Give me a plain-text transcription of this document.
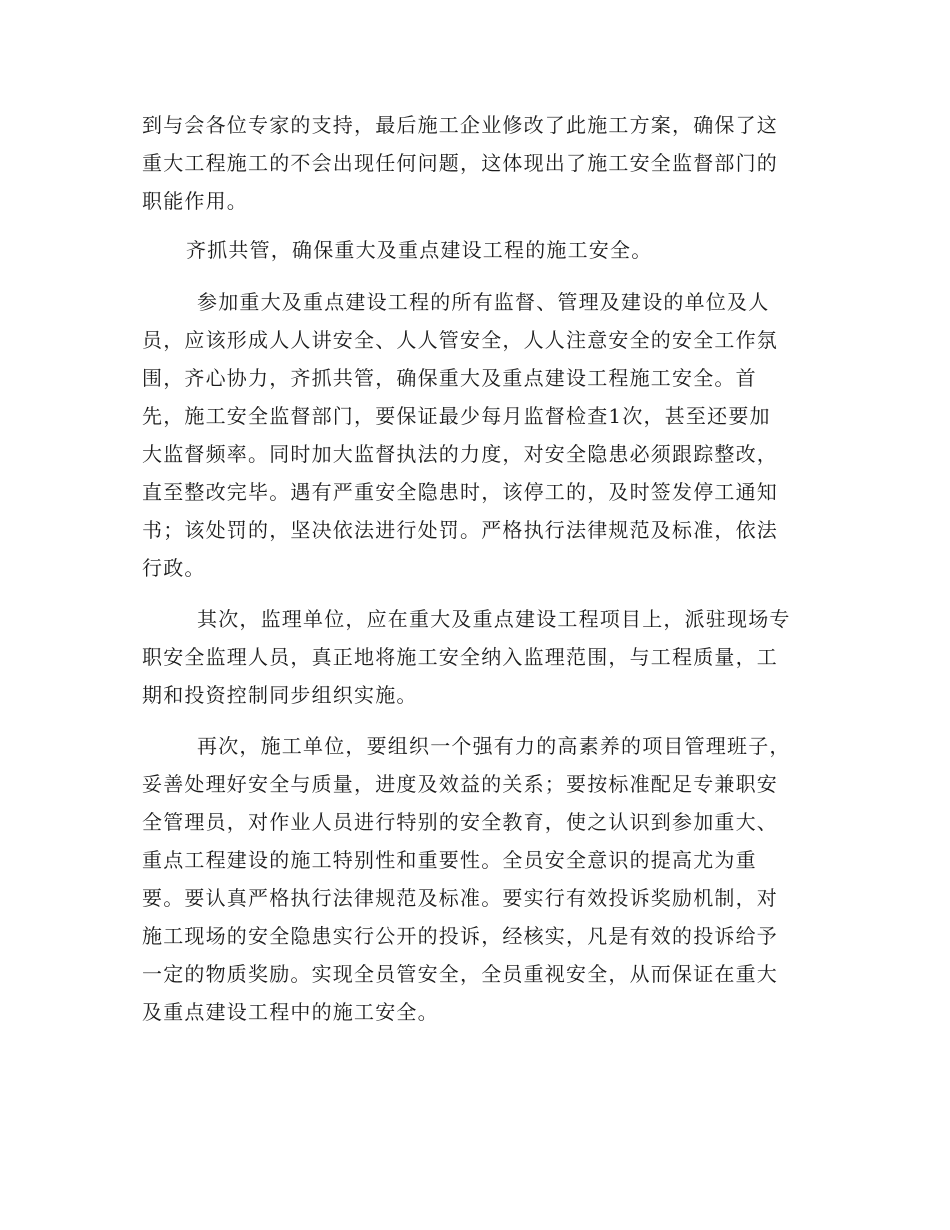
到与会各位专家的支持，最后施工企业修改了此施工方案，确保了这
重大工程施工的不会出现任何问题，这体现出了施工安全监督部门的
职能作用。
齐抓共管，确保重大及重点建设工程的施工安全。
参加重大及重点建设工程的所有监督、管理及建设的单位及人
员，应该形成人人讲安全、人人管安全，人人注意安全的安全工作氛
围，齐心协力，齐抓共管，确保重大及重点建设工程施工安全。首
先，施工安全监督部门，要保证最少每月监督检查1次，甚至还要加
大监督频率。同时加大监督执法的力度，对安全隐患必须跟踪整改，
直至整改完毕。遇有严重安全隐患时，该停工的，及时签发停工通知
书；该处罚的，坚决依法进行处罚。严格执行法律规范及标准，依法
行政。
其次，监理单位，应在重大及重点建设工程项目上，派驻现场专
职安全监理人员，真正地将施工安全纳入监理范围，与工程质量，工
期和投资控制同步组织实施。
再次，施工单位，要组织一个强有力的高素养的项目管理班子，
妥善处理好安全与质量，进度及效益的关系；要按标准配足专兼职安
全管理员，对作业人员进行特别的安全教育，使之认识到参加重大、
重点工程建设的施工特别性和重要性。全员安全意识的提高尤为重
要。要认真严格执行法律规范及标准。要实行有效投诉奖励机制，对
施工现场的安全隐患实行公开的投诉，经核实，凡是有效的投诉给予
一定的物质奖励。实现全员管安全，全员重视安全，从而保证在重大
及重点建设工程中的施工安全。
